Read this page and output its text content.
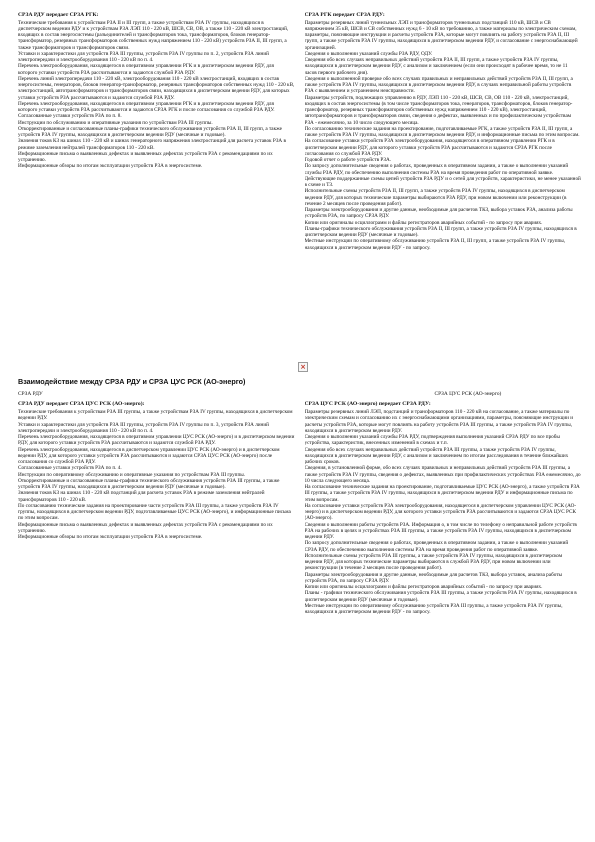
СРЗА РДУ передает СРЗА РГК:

Технические требования к устройствам РЗА II и III групп, а также устройствам РЗА IV группы, находящихся в диспетчерском ведении РДУ и к устройствам РЗА ЛЭП 110 - 220 кВ, ШСВ, СВ, ОВ, а также 110 - 220 кВ электростанций, входящих в состав энергосистемы (разъединителей и трансформаторов тока, трансформаторов, блоков генератор-трансформатор, резервных трансформаторов собственных нужд напряжением 110 - 220 кВ) устройств РЗА II, III групп, а также трансформаторов и трансформаторов связи.

Уставки и характеристики для устройств РЗА III группы, устройств РЗА IV группы по п. 2, устройств РЗА линий электропередачи и электрооборудования 110 - 220 кВ по п. 4.

Перечень электрооборудования, находящегося в оперативном управлении РГК и в диспетчерском ведении РДУ, для которого уставки устройств РЗА рассчитываются и задаются службой РЗА РДУ.

Перечень линий электропередачи 110 - 220 кВ, электрооборудования 110 - 220 кВ электростанций, входящих в состав энергосистемы, генераторов, блоков генератор-трансформатор, резервных трансформаторов собственных нужд 110 - 220 кВ, электростанций, автотрансформаторов и трансформаторов связи, находящихся в диспетчерском ведении РДУ, для которых уставки устройств РЗА рассчитываются и задаются службой РЗА РДУ.

Перечень электрооборудования, находящегося в оперативном управлении РГК и в диспетчерском ведении РДУ, для которого уставки устройств РЗА рассчитываются и задаются СРЗА РГК и после согласования со службой РЗА РДУ.

Согласованные уставки устройств РЗА по п. 8.

Инструкции по обслуживанию и оперативные указания по устройствам РЗА III группы.

Откорректированные и согласованные планы-графики технического обслуживания устройств РЗА II, III групп, а также устройств РЗА IV группы, находящихся в диспетчерском ведении РДУ (месячные и годовые).

Значения токов КЗ на шинах 110 - 220 кВ и шинах генераторного напряжения электростанций для расчета уставок РЗА в режиме заземления нейтралей трансформаторов 110 - 220 кВ.

Информационные письма о выявленных дефектах и выявленных дефектах устройств РЗА с рекомендациями по их устранению.

Информационные обзоры по итогам эксплуатации устройств РЗА в энергосистеме.

СРЗА РГК передает СРЗА РДУ:

Параметры резервных линий туннельных ЛЭП и трансформаторов туннельных подстанций 110 кВ, ШСВ и СВ напряжением 35 кВ, ШСВ и СВ собственных нужд 6 - 10 кВ по требованию, а также материалы по электрическим схемам, параметры, поясняющие инструкции и расчеты устройств РЗА, которые могут повлиять на работу устройств РЗА II, III групп, а также устройств РЗА IV группы, находящихся в диспетчерском ведении РДУ, и согласование с энергоснабжающей организацией.

Сведения о выполнении указаний службы РЗА РДУ, ОДУ.

Сведения обо всех случаях неправильных действий устройств РЗА II, III групп, а также устройств РЗА IV группы, находящихся в диспетчерском ведении РДУ, с анализом и заключением (если они происходят в рабочее время, то не 11 часов первого рабочего дня).

Сведения о выполненной проверке обо всех случаях правильных и неправильных действий устройств РЗА II, III групп, а также устройств РЗА IV группы, находящихся в диспетчерском ведении РДУ, в случаях неправильной работы устройств РЗА с выявлением и устранением неисправности.

Параметры устройств, подлежащих управлению в РДУ, ЛЭП 110 - 220 кВ, ШСВ, СВ, ОВ 110 - 220 кВ, электростанций, входящих в состав энергосистемы (в том числе трансформаторов тока, генераторов, трансформаторов, блоков генератор-трансформатор, резервных трансформаторов собственных нужд напряжением 110 - 220 кВ), электростанций, автотрансформаторов и трансформаторов связи, сведения о дефектах, выявленных и по профилактическим устройствам РЗА - ежемесячно, за 10 число следующего месяца.

По согласованию технические задания на проектирование, подготавливаемые РГК, а также устройств РЗА II, III групп, а также устройств РЗА IV группы, находящихся в диспетчерском ведении РДУ, и информационные письма по этим вопросам.

На согласование уставки устройств РЗА электрооборудования, находящегося в оперативном управлении РГК и в диспетчерском ведении РДУ, для которого уставки устройств РЗА рассчитываются и задаются СРЗА РГК после согласования со службой РЗА РДУ.

Годовой отчет о работе устройств РЗА.

По запросу дополнительные сведения о работах, проведенных в оперативном задании, а также о выполнении указаний службы РЗА РДУ, по обеспечению выполнения системы РЗА на время проведения работ по оперативной заявке.

Действующие поддержанные схемы цепей устройств РЗА РДУ и о сетей для устройств, характеристики, не менее указанной в схеме и ТЗ.

Исполнительные схемы устройств РЗА II, III групп, а также устройств РЗА IV группы, находящихся в диспетчерском ведении РДУ, для которых технические параметры выбираются РЗА РДУ, при новом включении или реконструкции (в течение 2 месяцев после проведения работ).

Параметры электрооборудования и другие данные, необходимые для расчетов ТКЗ, выбора уставок РЗА, анализа работы устройств РЗА, по запросу СРЗА РДУ.

Копии или оригиналы осциллограмм и файлы регистраторов аварийных событий - по запросу при авариях.

Планы-графики технического обслуживания устройств РЗА II, III групп, а также устройств РЗА IV группы, находящихся в диспетчерском ведении РДУ (месячные и годовые).

Местные инструкции по оперативному обслуживанию устройств РЗА II, III групп, а также устройств РЗА IV группы, находящихся в диспетчерском ведении РДУ - по запросу.

×
Взаимодействие между СРЗА РДУ и СРЗА ЦУС РСК (АО-энерго)

СРЗА РДУ

СРЗА РДУ передает СРЗА ЦУС РСК (АО-энерго):

Технические требования к устройствам РЗА III группы, а также устройствам РЗА IV группы, находящихся в диспетчерском ведении РДУ.

Уставки и характеристики для устройств РЗА III группы, устройств РЗА IV группы по п. 3, устройств РЗА линий электропередачи и электрооборудования 110 - 220 кВ по п. 4.

Перечень электрооборудования, находящегося в оперативном управлении ЦУС РСК (АО-энерго) и в диспетчерском ведении РДУ, для которого уставки устройств РЗА рассчитываются и задаются службой РЗА РДУ.

Перечень электрооборудования, находящегося в диспетчерском управлении ЦУС РСК (АО-энерго) и в диспетчерском ведении РДУ, для которого уставки устройств РЗА рассчитываются и задаются СРЗА ЦУС РСК (АО-энерго) после согласования со службой РЗА РДУ.

Согласованные уставки устройств РЗА по п. 4.

Инструкции по оперативному обслуживанию и оперативные указания по устройствам РЗА III группы.

Откорректированные и согласованные планы-графики технического обслуживания устройств РЗА III группы, а также устройств РЗА IV группы, находящихся в диспетчерском ведении РДУ (месячные и годовые).

Значения токов КЗ на шинах 110 - 220 кВ подстанций для расчета уставок РЗА в режиме заземления нейтралей трансформаторов 110 - 220 кВ.

По согласованию технические задания на проектирование части устройств РЗА III группы, а также устройств РЗА IV группы, находящихся в диспетчерском ведении РДУ, подготавливаемые ЦУС РСК (АО-энерго), и информационные письма по этим вопросам.

Информационные письма о выявленных дефектах и выявленных дефектах устройств РЗА с рекомендациями по их устранению.

Информационные обзоры по итогам эксплуатации устройств РЗА в энергосистеме.

СРЗА ЦУС РСК (АО-энерго)

СРЗА ЦУС РСК (АО-энерго) передает СРЗА РДУ:

Параметры резервных линий ЛЭП, подстанций и трансформаторов 110 - 220 кВ на согласование, а также материалы по электрическим схемам и согласованию их с энергоснабжающими организациями, параметры, поясняющие инструкции и расчеты устройств РЗА, которые могут повлиять на работу устройств РЗА III группы, а также устройств РЗА IV группы, находящихся в диспетчерском ведении РДУ.

Сведения о выполнении указаний службы РЗА РДУ, подтверждения выполнения указаний СРЗА РДУ по все пробы устройства, характеристик, внесенных изменений в схемах и т.п.

Сведения обо всех случаях неправильных действий устройств РЗА III группы, а также устройств РЗА IV группы, находящихся в диспетчерском ведении РДУ, с анализом и заключением по итогам расследования в течение ближайших рабочих сроков.

Сведения, в установленной форме, обо всех случаях правильных и неправильных действий устройств РЗА III группы, а также устройств РЗА IV группы, сведения о дефектах, выявленных при профилактических устройствах РЗА ежемесячно, до 10 числа следующего месяца.

На согласование технические задания на проектирование, подготавливаемые ЦУС РСК (АО-энерго), а также устройств РЗА III группы, а также устройств РЗА IV группы, находящихся в диспетчерском ведении РДУ и информационные письма по этим вопросам.

На согласование уставки устройств РЗА электрооборудования, находящегося в диспетчерском управлении ЦУС РСК (АО-энерго) и в диспетчерском ведении РДУ, для которого уставки устройств РЗА рассчитываются и задаются СРЗА ЦУС РСК (АО-энерго).

Сведения о выполнении работы устройств РЗА. Информация о, в том числе по телефону о неправильной работе устройств РЗА на рабочих в целях и устройствах РЗА III группы, а также устройств РЗА IV группы, находящихся в диспетчерском ведении РДУ.

По запросу дополнительные сведения о работах, проведенных в оперативном задании, а также о выполнении указаний СРЗА РДУ, по обеспечению выполнения системы РЗА на время проведения работ по оперативной заявке.

Исполнительные схемы устройств РЗА III группы, а также устройств РЗА IV группы, находящихся в диспетчерском ведении РДУ, для которых технические параметры выбираются в службой РЗА РДУ, при новом включении или реконструкции (в течение 2 месяцев после проведения работ).

Параметры электрооборудования и другие данные, необходимые для расчетов ТКЗ, выбора уставок, анализа работы устройств РЗА, по запросу СРЗА РДУ.

Копии или оригиналы осциллограмм и файлы регистраторов аварийных событий - по запросу при авариях.

Планы - графики технического обслуживания устройств РЗА III группы, а также устройств РЗА IV группы, находящихся в диспетчерском ведении РДУ (месячные и годовые).

Местные инструкции по оперативному обслуживанию устройств РЗА III группы, а также устройств РЗА IV группы, находящихся в диспетчерском ведении РДУ - по запросу.
